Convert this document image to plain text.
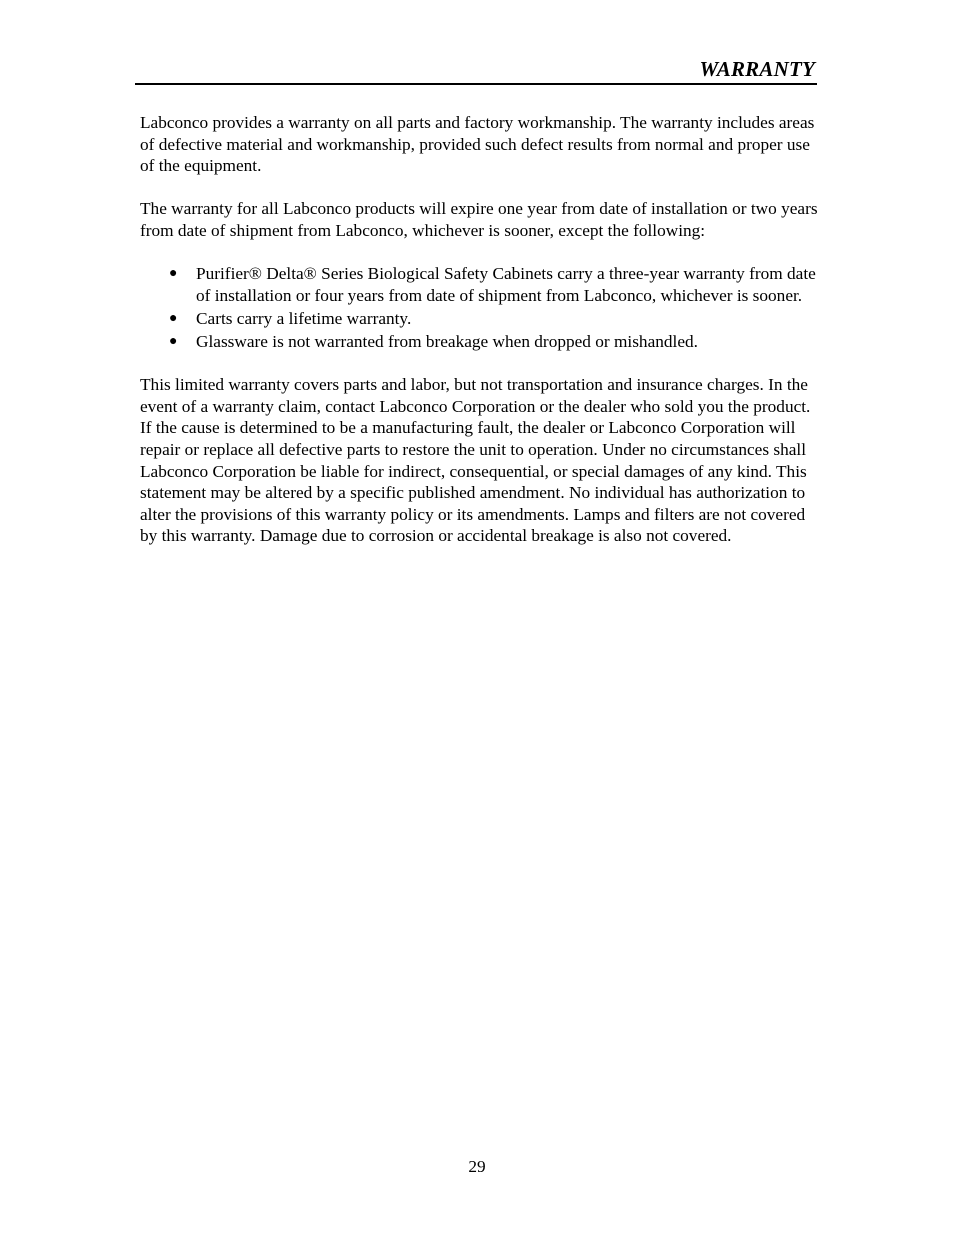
WARRANTY

Labconco provides a warranty on all parts and factory workmanship. The warranty includes areas of defective material and workmanship, provided such defect results from normal and proper use of the equipment.

The warranty for all Labconco products will expire one year from date of installation or two years from date of shipment from Labconco, whichever is sooner, except the following:

● Purifier® Delta® Series Biological Safety Cabinets carry a three-year warranty from date of installation or four years from date of shipment from Labconco, whichever is sooner.
● Carts carry a lifetime warranty.
● Glassware is not warranted from breakage when dropped or mishandled.

This limited warranty covers parts and labor, but not transportation and insurance charges. In the event of a warranty claim, contact Labconco Corporation or the dealer who sold you the product. If the cause is determined to be a manufacturing fault, the dealer or Labconco Corporation will repair or replace all defective parts to restore the unit to operation. Under no circumstances shall Labconco Corporation be liable for indirect, consequential, or special damages of any kind. This statement may be altered by a specific published amendment. No individual has authorization to alter the provisions of this warranty policy or its amendments. Lamps and filters are not covered by this warranty. Damage due to corrosion or accidental breakage is also not covered.

29
